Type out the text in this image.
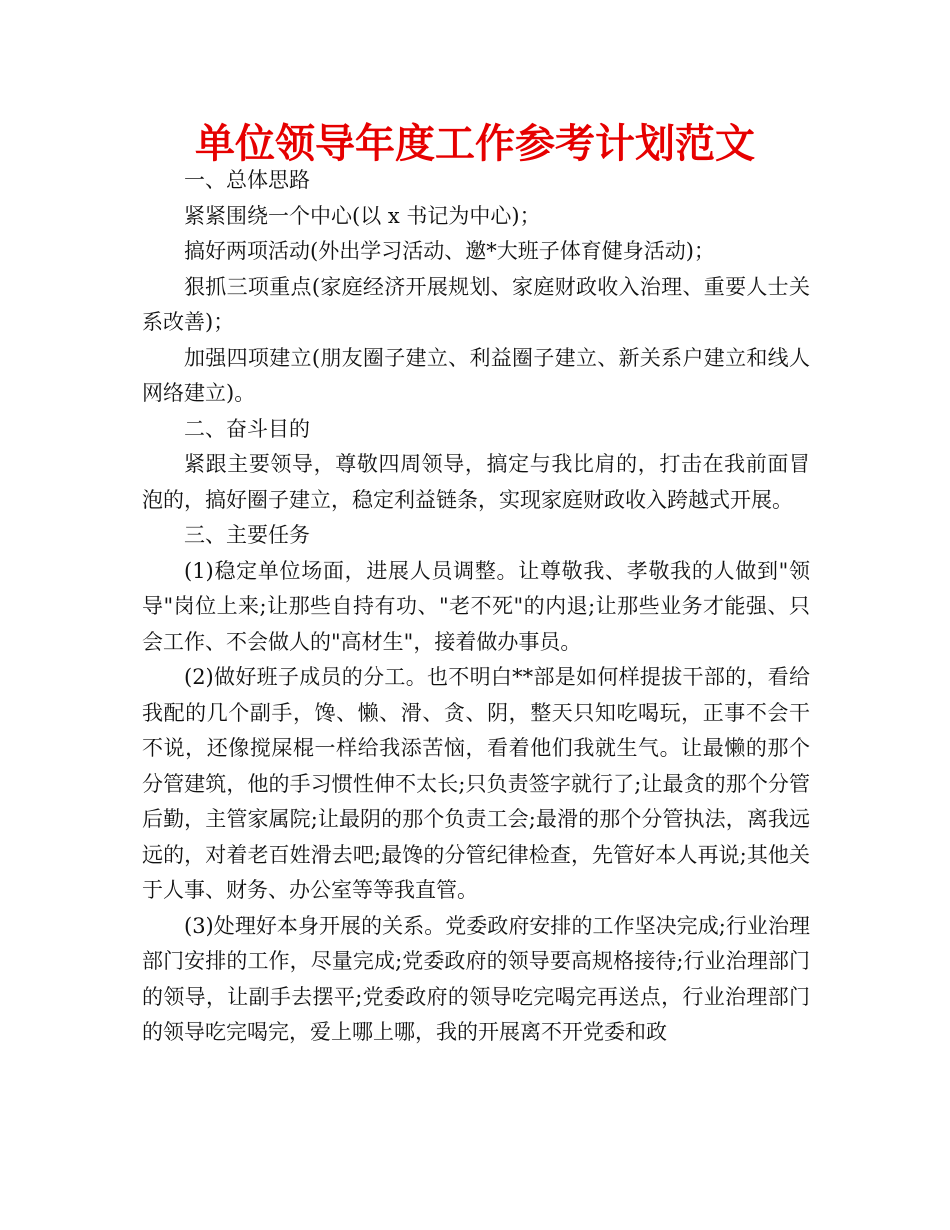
单位领导年度工作参考计划范文

一、总体思路

紧紧围绕一个中心(以 x 书记为中心)；

搞好两项活动(外出学习活动、邀*大班子体育健身活动)；

狠抓三项重点(家庭经济开展规划、家庭财政收入治理、重要人士关系改善)；

加强四项建立(朋友圈子建立、利益圈子建立、新关系户建立和线人网络建立)。

二、奋斗目的

紧跟主要领导，尊敬四周领导，搞定与我比肩的，打击在我前面冒泡的，搞好圈子建立，稳定利益链条，实现家庭财政收入跨越式开展。

三、主要任务

(1)稳定单位场面，进展人员调整。让尊敬我、孝敬我的人做到"领导"岗位上来;让那些自持有功、"老不死"的内退;让那些业务才能强、只会工作、不会做人的"高材生"，接着做办事员。

(2)做好班子成员的分工。也不明白**部是如何样提拔干部的，看给我配的几个副手，馋、懒、滑、贪、阴，整天只知吃喝玩，正事不会干不说，还像搅屎棍一样给我添苦恼，看着他们我就生气。让最懒的那个分管建筑，他的手习惯性伸不太长;只负责签字就行了;让最贪的那个分管后勤，主管家属院;让最阴的那个负责工会;最滑的那个分管执法，离我远远的，对着老百姓滑去吧;最馋的分管纪律检查，先管好本人再说;其他关于人事、财务、办公室等等我直管。

(3)处理好本身开展的关系。党委政府安排的工作坚决完成;行业治理部门安排的工作，尽量完成;党委政府的领导要高规格接待;行业治理部门的领导，让副手去摆平;党委政府的领导吃完喝完再送点，行业治理部门的领导吃完喝完，爱上哪上哪，我的开展离不开党委和政
